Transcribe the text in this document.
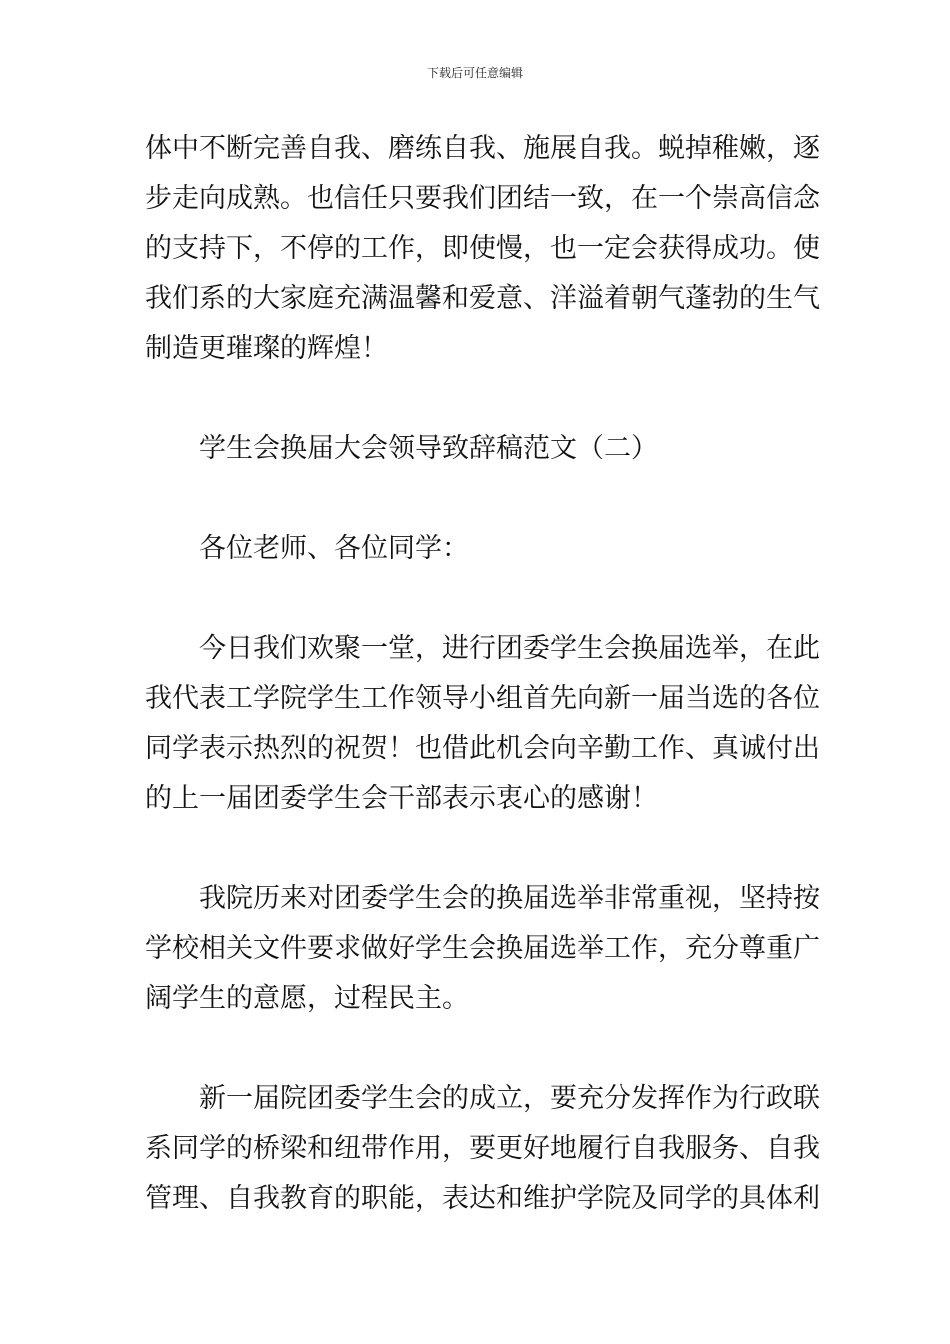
下载后可任意编辑

体中不断完善自我、磨练自我、施展自我。蜕掉稚嫩，逐
步走向成熟。也信任只要我们团结一致，在一个崇高信念
的支持下，不停的工作，即使慢，也一定会获得成功。使
我们系的大家庭充满温馨和爱意、洋溢着朝气蓬勃的生气
制造更璀璨的辉煌！

学生会换届大会领导致辞稿范文（二）

各位老师、各位同学：

今日我们欢聚一堂，进行团委学生会换届选举，在此
我代表工学院学生工作领导小组首先向新一届当选的各位
同学表示热烈的祝贺！也借此机会向辛勤工作、真诚付出
的上一届团委学生会干部表示衷心的感谢！

我院历来对团委学生会的换届选举非常重视，坚持按
学校相关文件要求做好学生会换届选举工作，充分尊重广
阔学生的意愿，过程民主。

新一届院团委学生会的成立，要充分发挥作为行政联
系同学的桥梁和纽带作用，要更好地履行自我服务、自我
管理、自我教育的职能，表达和维护学院及同学的具体利
